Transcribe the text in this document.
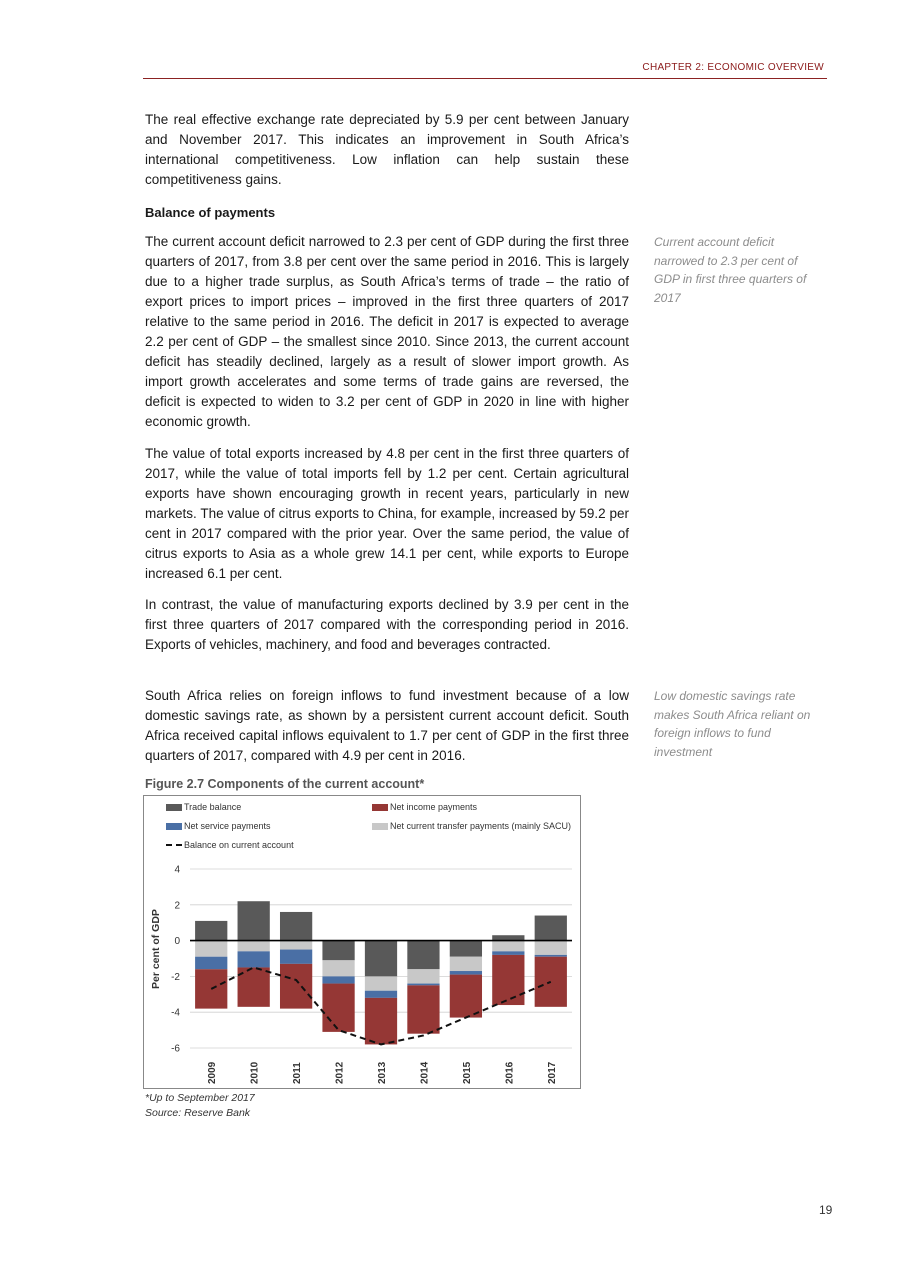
CHAPTER 2: ECONOMIC OVERVIEW

The real effective exchange rate depreciated by 5.9 per cent between January and November 2017. This indicates an improvement in South Africa’s international competitiveness. Low inflation can help sustain these competitiveness gains.

Balance of payments

The current account deficit narrowed to 2.3 per cent of GDP during the first three quarters of 2017, from 3.8 per cent over the same period in 2016. This is largely due to a higher trade surplus, as South Africa’s terms of trade – the ratio of export prices to import prices – improved in the first three quarters of 2017 relative to the same period in 2016. The deficit in 2017 is expected to average 2.2 per cent of GDP – the smallest since 2010. Since 2013, the current account deficit has steadily declined, largely as a result of slower import growth. As import growth accelerates and some terms of trade gains are reversed, the deficit is expected to widen to 3.2 per cent of GDP in 2020 in line with higher economic growth.

The value of total exports increased by 4.8 per cent in the first three quarters of 2017, while the value of total imports fell by 1.2 per cent. Certain agricultural exports have shown encouraging growth in recent years, particularly in new markets. The value of citrus exports to China, for example, increased by 59.2 per cent in 2017 compared with the prior year. Over the same period, the value of citrus exports to Asia as a whole grew 14.1 per cent, while exports to Europe increased 6.1 per cent.

In contrast, the value of manufacturing exports declined by 3.9 per cent in the first three quarters of 2017 compared with the corresponding period in 2016. Exports of vehicles, machinery, and food and beverages contracted.

South Africa relies on foreign inflows to fund investment because of a low domestic savings rate, as shown by a persistent current account deficit. South Africa received capital inflows equivalent to 1.7 per cent of GDP in the first three quarters of 2017, compared with 4.9 per cent in 2016.

Current account deficit narrowed to 2.3 per cent of GDP in first three quarters of 2017
Low domestic savings rate makes South Africa reliant on foreign inflows to fund investment
Figure 2.7 Components of the current account*
Trade balance	Net income payments
Net service payments	Net current transfer payments (mainly SACU)
Balance on current account
Per cent of GDP
4
2
0
-2
-4
-6
2009	2010	2011	2012	2013	2014	2015	2016	2017
*Up to September 2017
Source: Reserve Bank
19
